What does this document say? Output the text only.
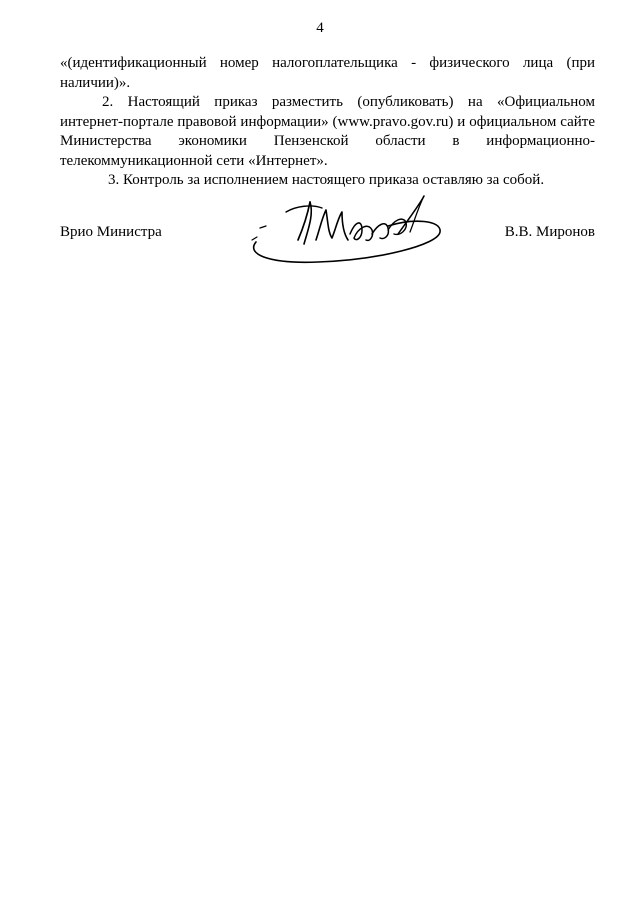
4

«(идентификационный номер налогоплательщика - физического лица (при наличии)».

2. Настоящий приказ разместить (опубликовать) на «Официальном интернет-портале правовой информации» (www.pravo.gov.ru) и официальном сайте Министерства экономики Пензенской области в информационно-телекоммуникационной сети «Интернет».

3. Контроль за исполнением настоящего приказа оставляю за собой.

Врио Министра	В.В. Миронов
